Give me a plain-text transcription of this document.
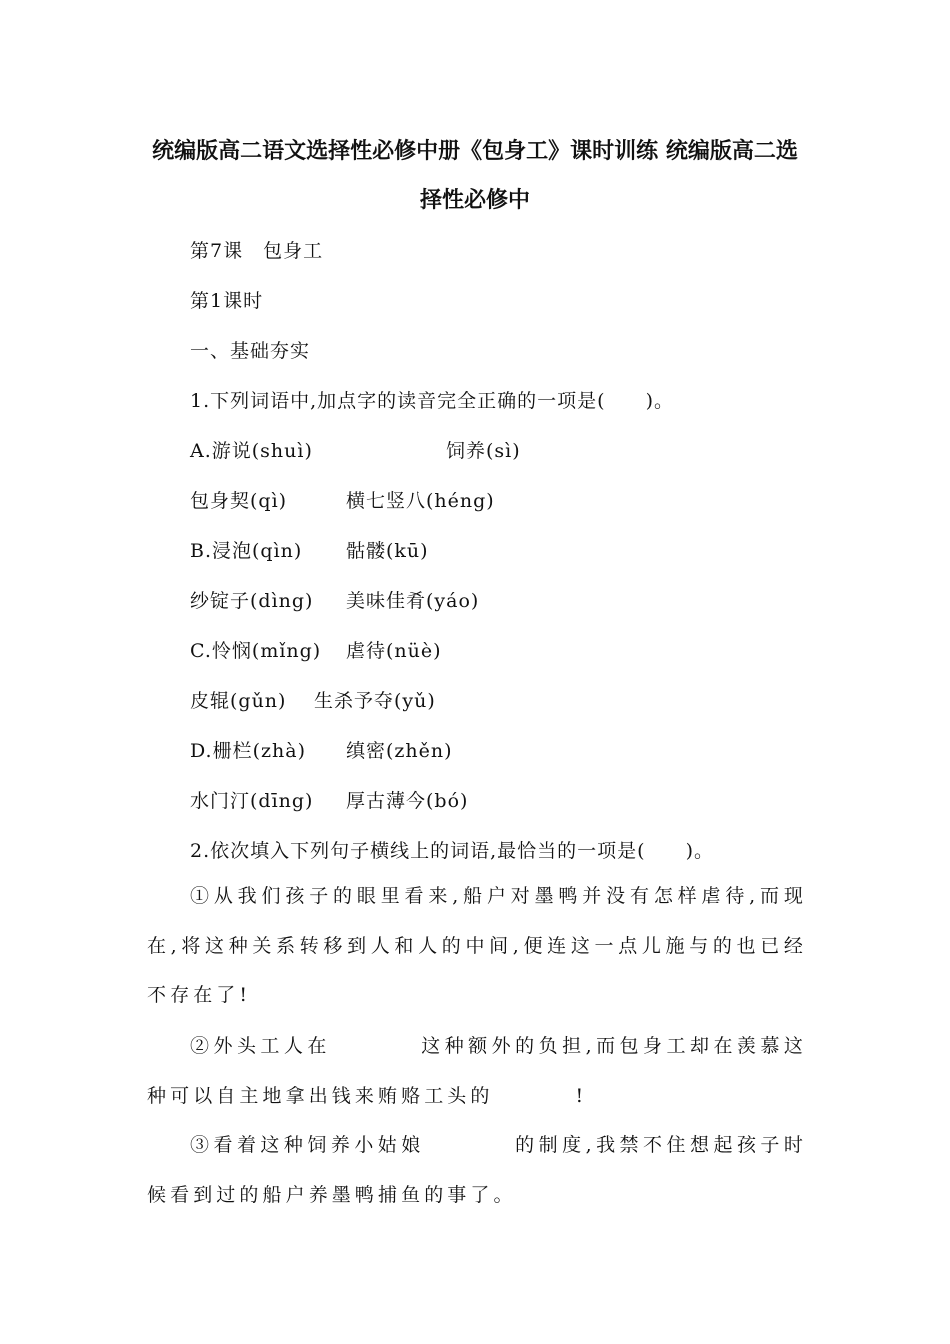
统编版高二语文选择性必修中册《包身工》课时训练 统编版高二选
择性必修中
第7课　包身工
第1课时
一、基础夯实
1.下列词语中,加点字的读音完全正确的一项是(　　)。
A.游说(shuì)	饲养(sì)
包身契(qì)	横七竖八(héng)
B.浸泡(qìn) 骷髅(kū)
纱锭子(dìng) 美味佳肴(yáo)
C.怜悯(mǐng) 虐待(nüè)
皮辊(gǔn) 生杀予夺(yǔ)
D.栅栏(zhà) 缜密(zhěn)
水门汀(dīng) 厚古薄今(bó)
2.依次填入下列句子横线上的词语,最恰当的一项是(　　)。
①从我们孩子的眼里看来,船户对墨鸭并没有怎样虐待,而现在,将这种关系转移到人和人的中间,便连这一点儿施与的也已经不存在了!
②外头工人在	这种额外的负担,而包身工却在羡慕这种可以自主地拿出钱来贿赂工头的	!
③看着这种饲养小姑娘	的制度,我禁不住想起孩子时候看到过的船户养墨鸭捕鱼的事了。
